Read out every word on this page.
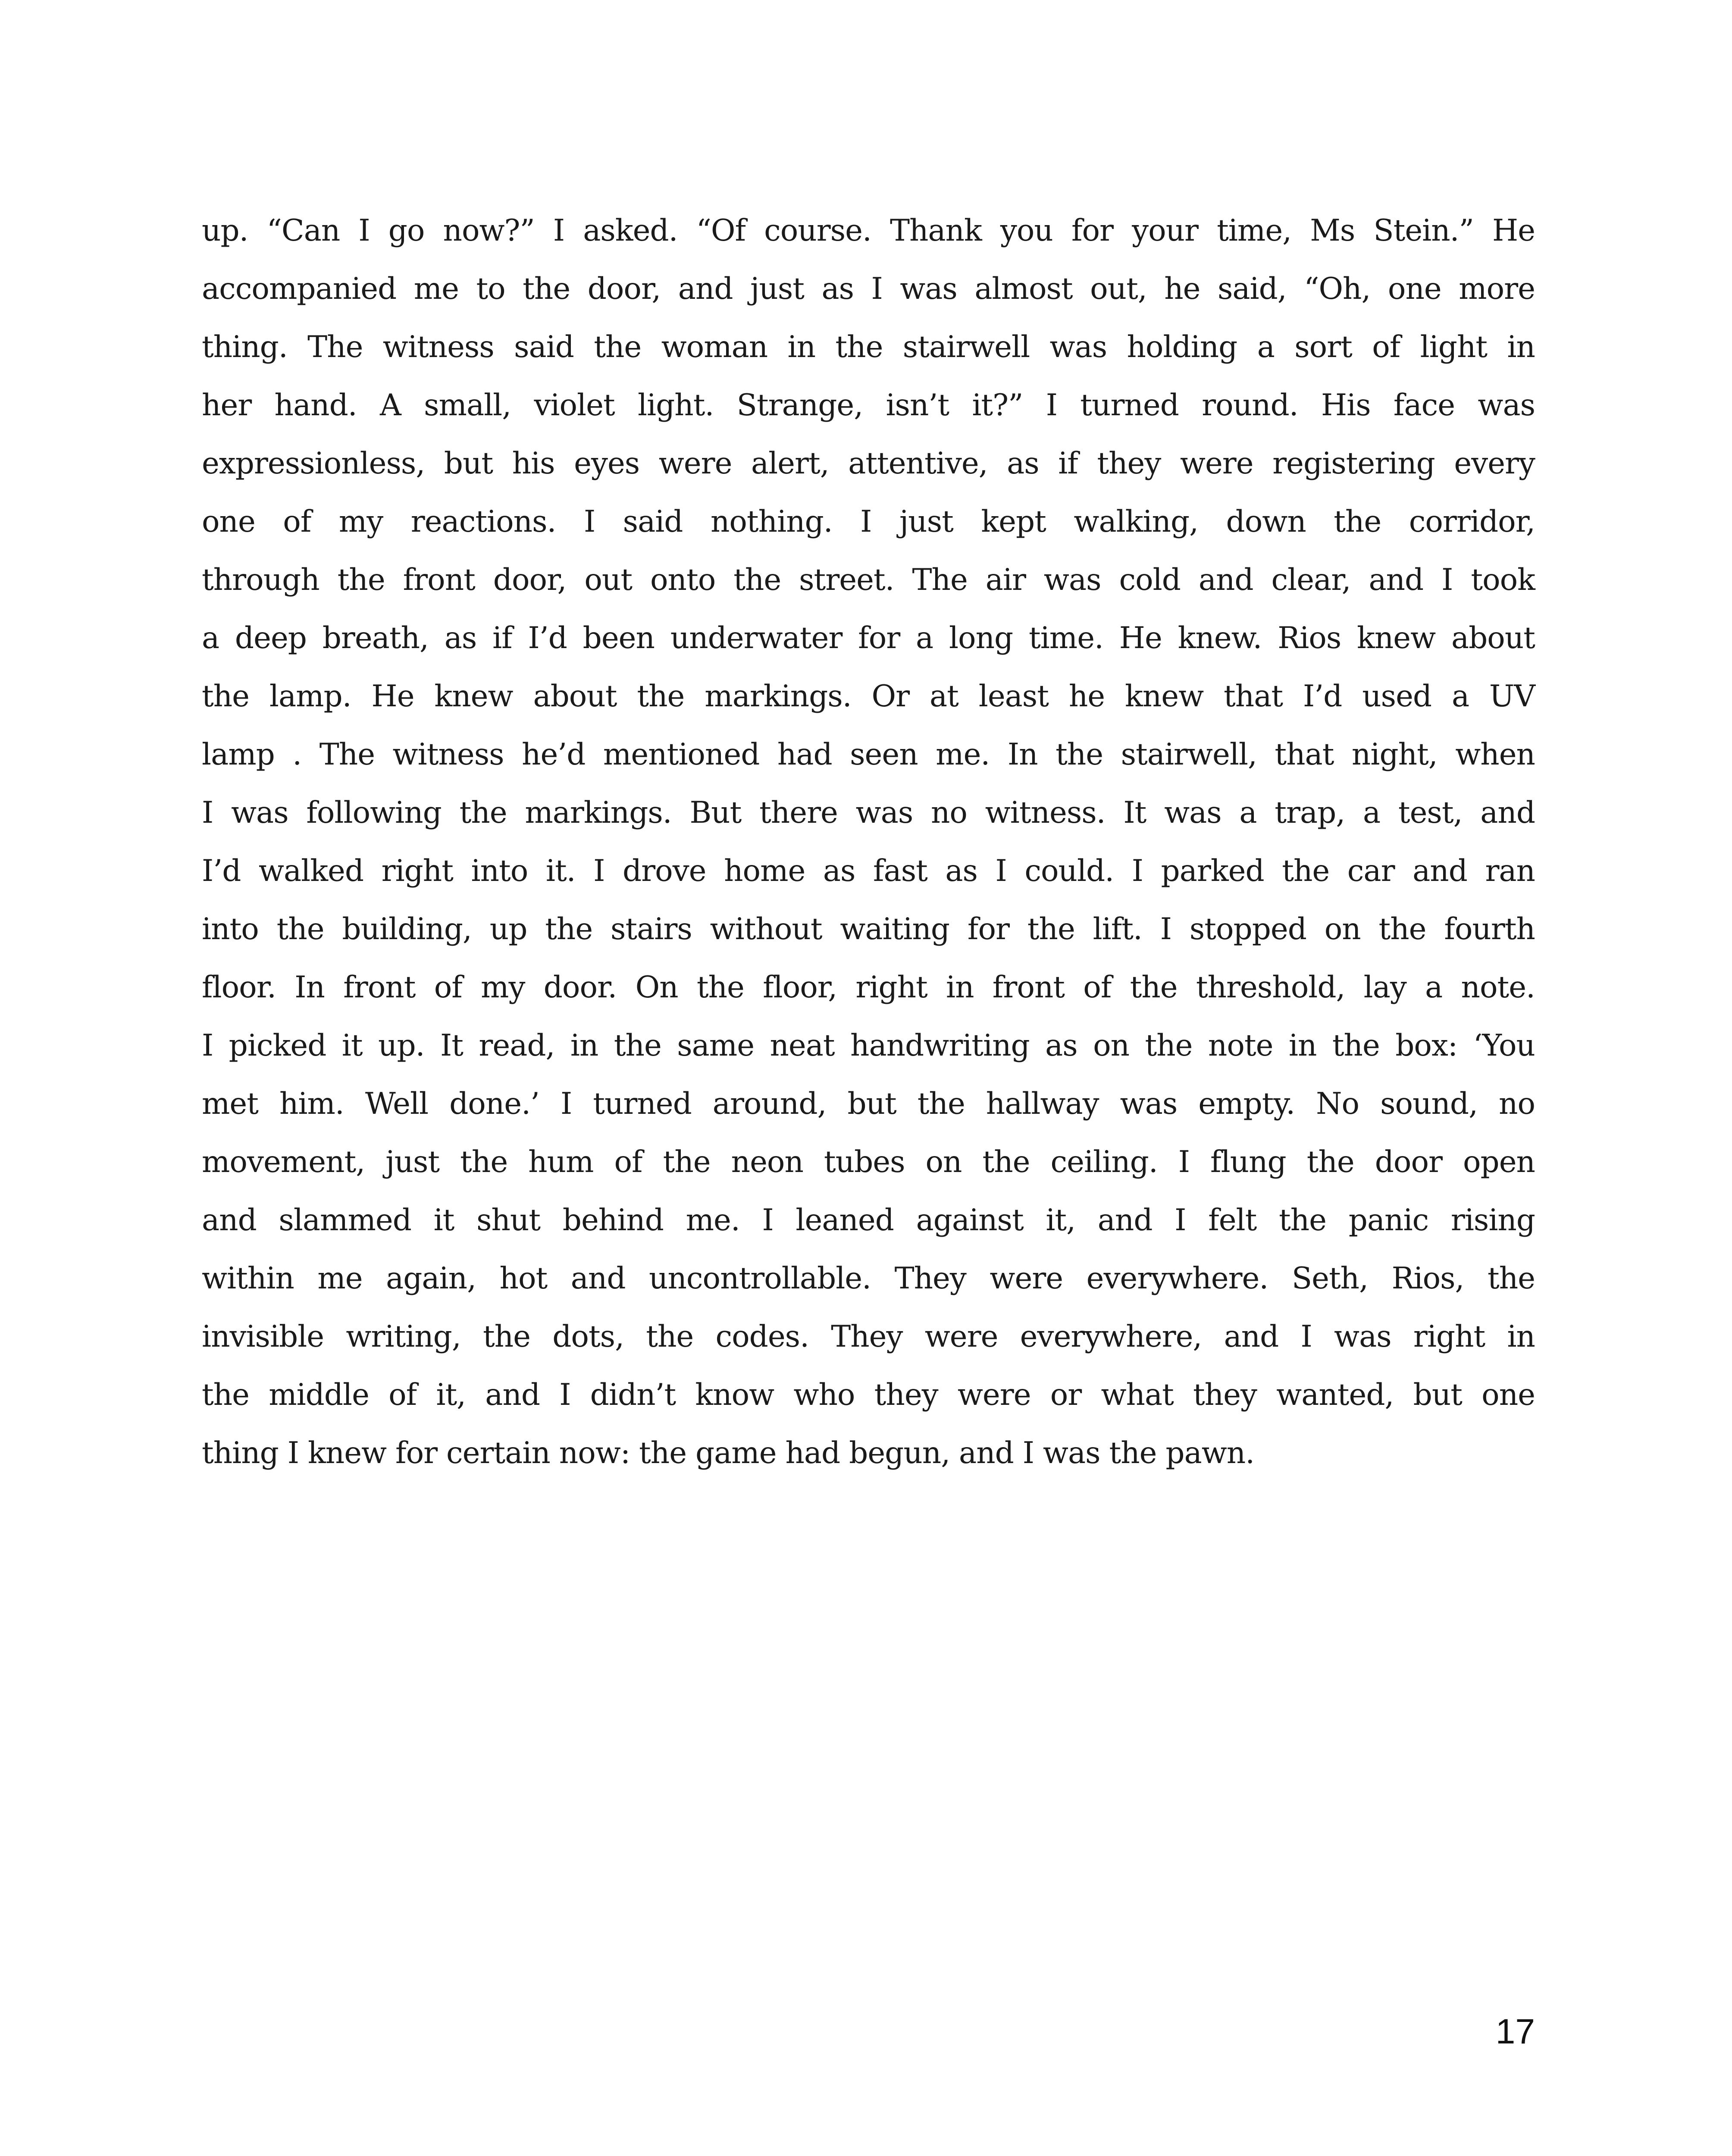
up. “Can I go now?” I asked. “Of course. Thank you for your time, Ms Stein.” He
accompanied me to the door, and just as I was almost out, he said, “Oh, one more
thing. The witness said the woman in the stairwell was holding a sort of light in
her hand. A small, violet light. Strange, isn’t it?” I turned round. His face was
expressionless, but his eyes were alert, attentive, as if they were registering every
one of my reactions. I said nothing. I just kept walking, down the corridor,
through the front door, out onto the street. The air was cold and clear, and I took
a deep breath, as if I’d been underwater for a long time. He knew. Rios knew about
the lamp. He knew about the markings. Or at least he knew that I’d used a UV
lamp . The witness he’d mentioned had seen me. In the stairwell, that night, when
I was following the markings. But there was no witness. It was a trap, a test, and
I’d walked right into it. I drove home as fast as I could. I parked the car and ran
into the building, up the stairs without waiting for the lift. I stopped on the fourth
floor. In front of my door. On the floor, right in front of the threshold, lay a note.
I picked it up. It read, in the same neat handwriting as on the note in the box: ‘You
met him. Well done.’ I turned around, but the hallway was empty. No sound, no
movement, just the hum of the neon tubes on the ceiling. I flung the door open
and slammed it shut behind me. I leaned against it, and I felt the panic rising
within me again, hot and uncontrollable. They were everywhere. Seth, Rios, the
invisible writing, the dots, the codes. They were everywhere, and I was right in
the middle of it, and I didn’t know who they were or what they wanted, but one
thing I knew for certain now: the game had begun, and I was the pawn.
17
